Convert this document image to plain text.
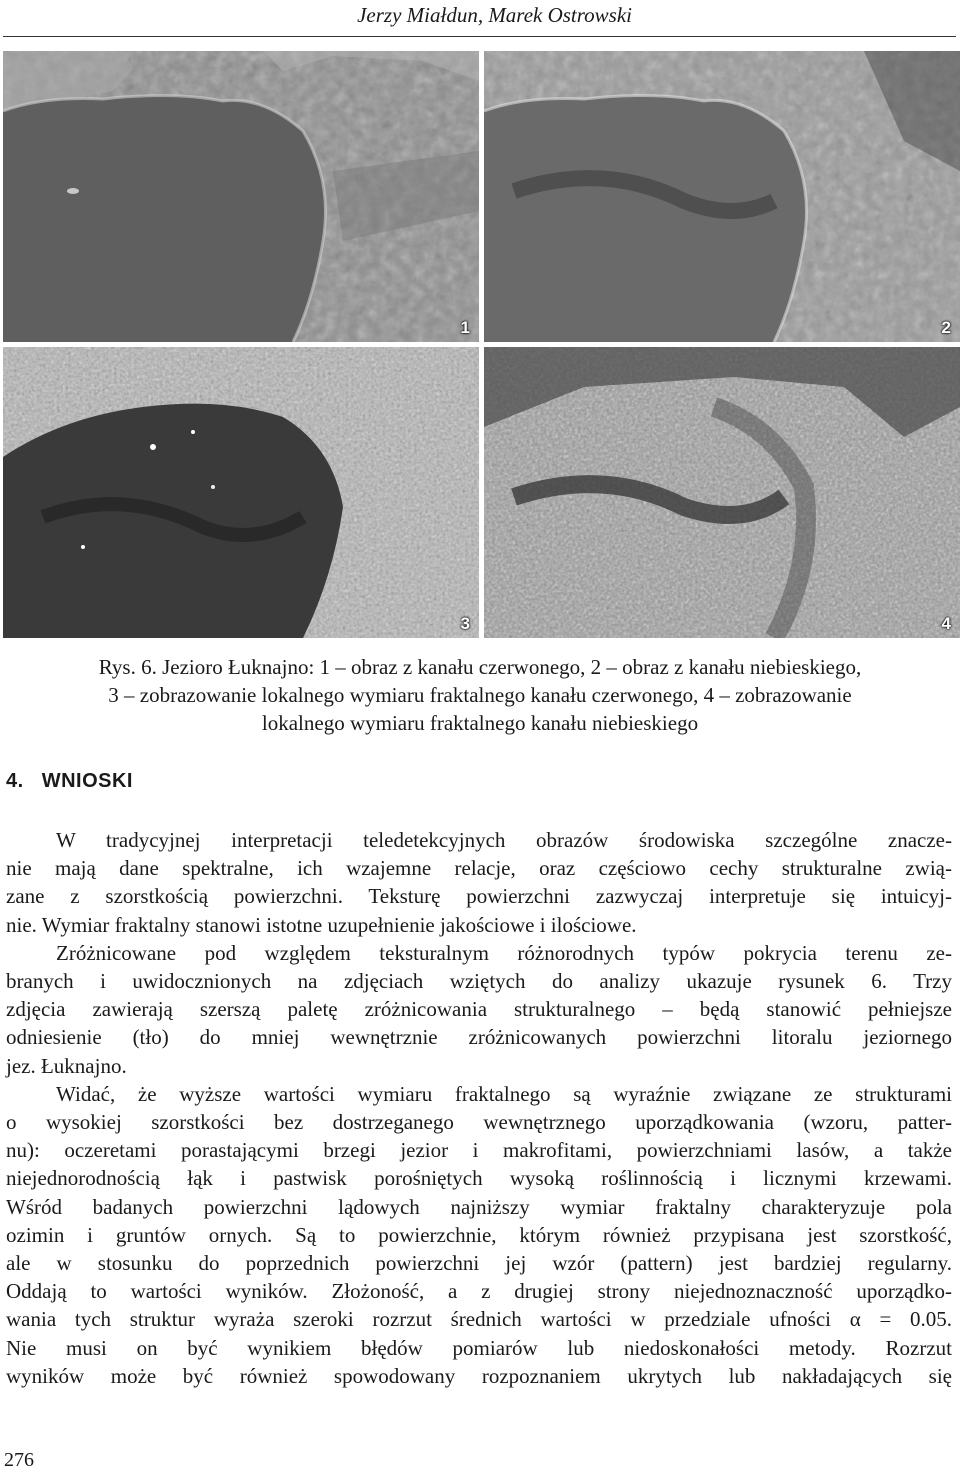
Jerzy Miałdun, Marek Ostrowski
1	2
3	4
Rys. 6. Jezioro Łuknajno: 1 – obraz z kanału czerwonego, 2 – obraz z kanału niebieskiego,
3 – zobrazowanie lokalnego wymiaru fraktalnego kanału czerwonego, 4 – zobrazowanie
lokalnego wymiaru fraktalnego kanału niebieskiego
4. WNIOSKI
W tradycyjnej interpretacji teledetekcyjnych obrazów środowiska szczególne znacze-
nie mają dane spektralne, ich wzajemne relacje, oraz częściowo cechy strukturalne zwią-
zane z szorstkością powierzchni. Teksturę powierzchni zazwyczaj interpretuje się intuicyj-
nie. Wymiar fraktalny stanowi istotne uzupełnienie jakościowe i ilościowe.
Zróżnicowane pod względem teksturalnym różnorodnych typów pokrycia terenu ze-
branych i uwidocznionych na zdjęciach wziętych do analizy ukazuje rysunek 6. Trzy
zdjęcia zawierają szerszą paletę zróżnicowania strukturalnego – będą stanowić pełniejsze
odniesienie (tło) do mniej wewnętrznie zróżnicowanych powierzchni litoralu jeziornego
jez. Łuknajno.
Widać, że wyższe wartości wymiaru fraktalnego są wyraźnie związane ze strukturami
o wysokiej szorstkości bez dostrzeganego wewnętrznego uporządkowania (wzoru, patter-
nu): oczeretami porastającymi brzegi jezior i makrofitami, powierzchniami lasów, a także
niejednorodnością łąk i pastwisk porośniętych wysoką roślinnością i licznymi krzewami.
Wśród badanych powierzchni lądowych najniższy wymiar fraktalny charakteryzuje pola
ozimin i gruntów ornych. Są to powierzchnie, którym również przypisana jest szorstkość,
ale w stosunku do poprzednich powierzchni jej wzór (pattern) jest bardziej regularny.
Oddają to wartości wyników. Złożoność, a z drugiej strony niejednoznaczność uporządko-
wania tych struktur wyraża szeroki rozrzut średnich wartości w przedziale ufności α = 0.05.
Nie musi on być wynikiem błędów pomiarów lub niedoskonałości metody. Rozrzut
wyników może być również spowodowany rozpoznaniem ukrytych lub nakładających się
276
